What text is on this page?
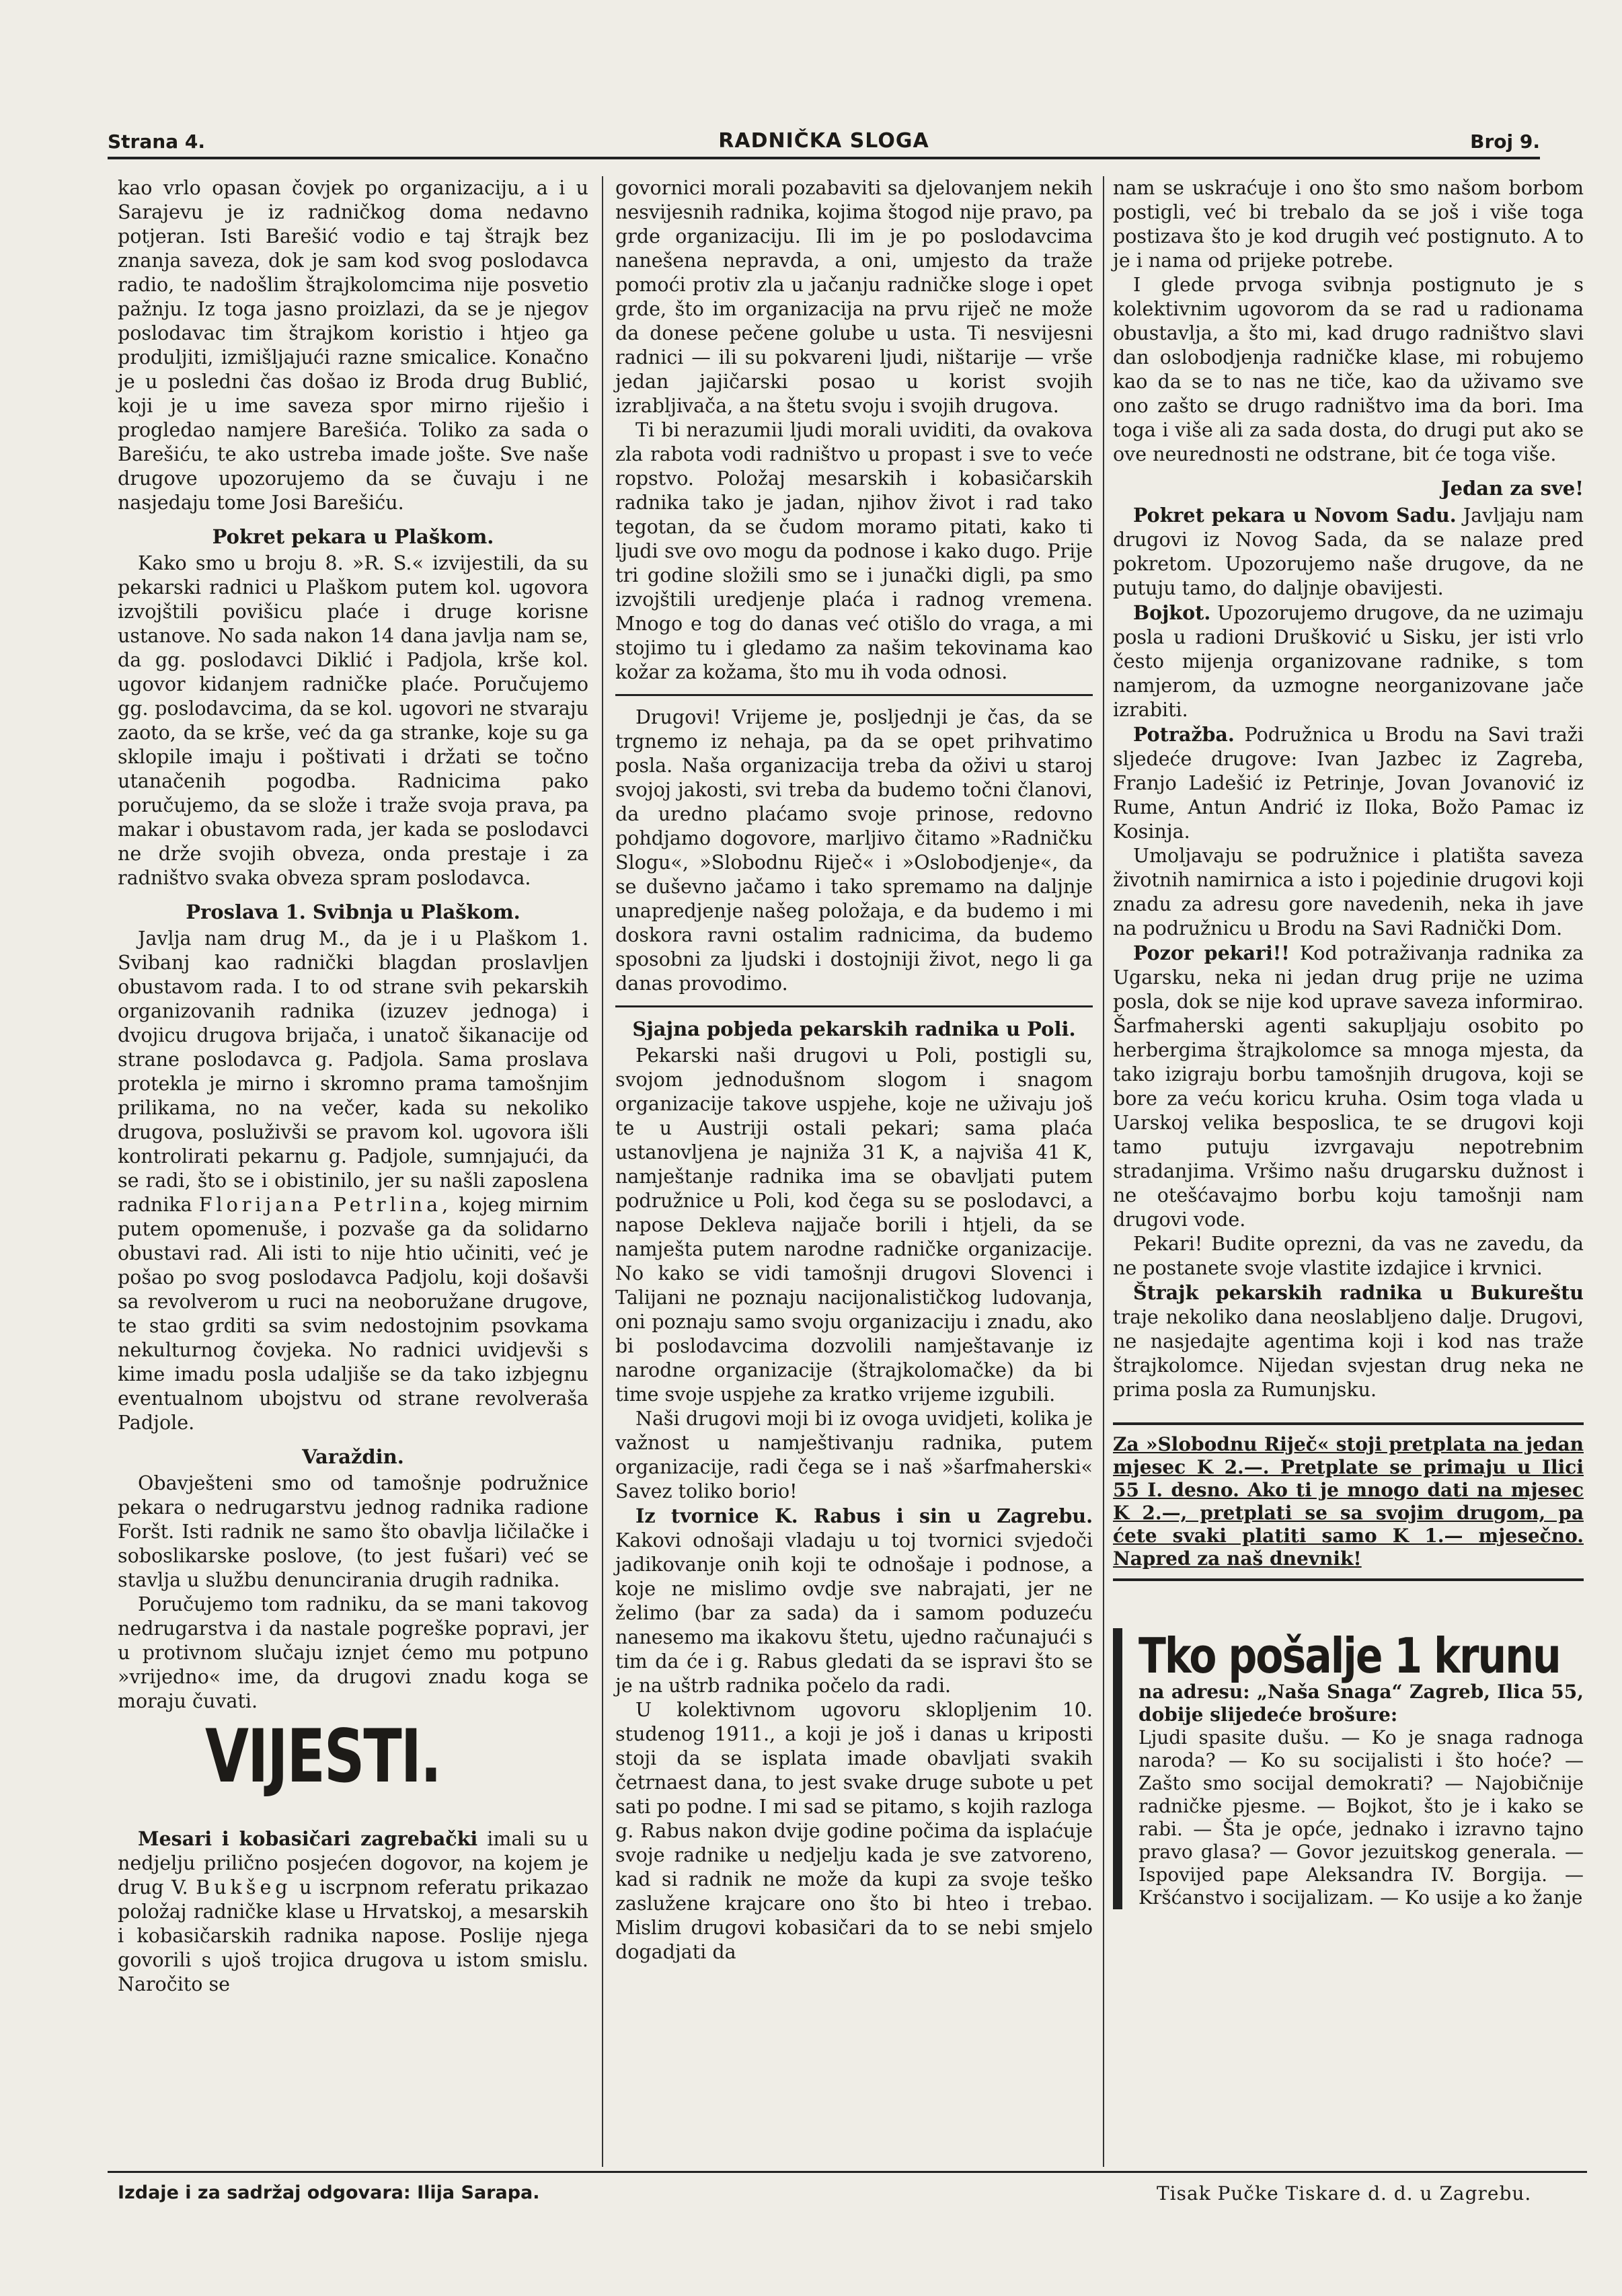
Strana 4.	RADNIČKA SLOGA	Broj 9.

kao vrlo opasan čovjek po organizaciju, a i u Sarajevu je iz radničkog doma nedavno potjeran. Isti Barešić vodio e taj štrajk bez znanja saveza, dok je sam kod svog poslodavca radio, te nadošlim štrajkolomcima nije posvetio pažnju. Iz toga jasno proizlazi, da se je njegov poslodavac tim štrajkom koristio i htjeo ga produljiti, izmišljajući razne smicalice. Konačno je u posledni čas došao iz Broda drug Bublić, koji je u ime saveza spor mirno riješio i progledao namjere Barešića. Toliko za sada o Barešiću, te ako ustreba imade jošte. Sve naše drugove upozorujemo da se čuvaju i ne nasjedaju tome Josi Barešiću.

Pokret pekara u Plaškom.

Kako smo u broju 8. »R. S.« izvijestili, da su pekarski radnici u Plaškom putem kol. ugovora izvojštili povišicu plaće i druge korisne ustanove. No sada nakon 14 dana javlja nam se, da gg. poslodavci Diklić i Padjola, krše kol. ugovor kidanjem radničke plaće. Poručujemo gg. poslodavcima, da se kol. ugovori ne stvaraju zaoto, da se krše, već da ga stranke, koje su ga sklopile imaju i poštivati i držati se točno utanačenih pogodba. Radnicima pako poručujemo, da se slože i traže svoja prava, pa makar i obustavom rada, jer kada se poslodavci ne drže svojih obveza, onda prestaje i za radništvo svaka obveza spram poslodavca.

Proslava 1. Svibnja u Plaškom.

Javlja nam drug M., da je i u Plaškom 1. Svibanj kao radnički blagdan proslavljen obustavom rada. I to od strane svih pekarskih organizovanih radnika (izuzev jednoga) i dvojicu drugova brijača, i unatoč šikanacije od strane poslodavca g. Padjola. Sama proslava protekla je mirno i skromno prama tamošnjim prilikama, no na večer, kada su nekoliko drugova, posluživši se pravom kol. ugovora išli kontrolirati pekarnu g. Padjole, sumnjajući, da se radi, što se i obistinilo, jer su našli zaposlena radnika Florijana Petrlina, kojeg mirnim putem opomenuše, i pozvaše ga da solidarno obustavi rad. Ali isti to nije htio učiniti, već je pošao po svog poslodavca Padjolu, koji došavši sa revolverom u ruci na neoboružane drugove, te stao grditi sa svim nedostojnim psovkama nekulturnog čovjeka. No radnici uvidjevši s kime imadu posla udaljiše se da tako izbjegnu eventualnom ubojstvu od strane revolveraša Padjole.

Varaždin.

Obavješteni smo od tamošnje podružnice pekara o nedrugarstvu jednog radnika radione Foršt. Isti radnik ne samo što obavlja ličilačke i soboslikarske poslove, (to jest fušari) već se stavlja u službu denuncirania drugih radnika.

Poručujemo tom radniku, da se mani takovog nedrugarstva i da nastale pogreške popravi, jer u protivnom slučaju iznjet ćemo mu potpuno »vrijedno« ime, da drugovi znadu koga se moraju čuvati.

VIJESTI.

Mesari i kobasičari zagrebački imali su u nedjelju prilično posjećen dogovor, na kojem je drug V. Bukšeg u iscrpnom referatu prikazao položaj radničke klase u Hrvatskoj, a mesarskih i kobasičarskih radnika napose. Poslije njega govorili s ujoš trojica drugova u istom smislu. Naročito se

govornici morali pozabaviti sa djelovanjem nekih nesvijesnih radnika, kojima štogod nije pravo, pa grde organizaciju. Ili im je po poslodavcima nanešena nepravda, a oni, umjesto da traže pomoći protiv zla u jačanju radničke sloge i opet grde, što im organizacija na prvu riječ ne može da donese pečene golube u usta. Ti nesvijesni radnici — ili su pokvareni ljudi, ništarije — vrše jedan jajičarski posao u korist svojih izrabljivača, a na štetu svoju i svojih drugova.

Ti bi nerazumii ljudi morali uviditi, da ovakova zla rabota vodi radništvo u propast i sve to veće ropstvo. Položaj mesarskih i kobasičarskih radnika tako je jadan, njihov život i rad tako tegotan, da se čudom moramo pitati, kako ti ljudi sve ovo mogu da podnose i kako dugo. Prije tri godine složili smo se i junački digli, pa smo izvojštili uredjenje plaća i radnog vremena. Mnogo e tog do danas već otišlo do vraga, a mi stojimo tu i gledamo za našim tekovinama kao kožar za kožama, što mu ih voda odnosi.

Drugovi! Vrijeme je, posljednji je čas, da se trgnemo iz nehaja, pa da se opet prihvatimo posla. Naša organizacija treba da oživi u starој svojoj jakosti, svi treba da budemo točni članovi, da uredno plaćamo svoje prinose, redovno pohdjamo dogovore, marljivo čitamo »Radničku Slogu«, »Slobodnu Riječ« i »Oslobodjenje«, da se duševno jačamo i tako spremamo na daljnje unapredjenje našeg položaja, e da budemo i mi doskora ravni ostalim radnicima, da budemo sposobni za ljudski i dostojniji život, nego li ga danas provodimo.

Sjajna pobjeda pekarskih radnika u Poli.

Pekarski naši drugovi u Poli, postigli su, svojom jednodušnom slogom i snagom organizacije takove uspjehe, koje ne uživaju još te u Austriji ostali pekari; sama plaća ustanovljena je najniža 31 K, a najviša 41 K, namještanje radnika ima se obavljati putem podružnice u Poli, kod čega su se poslodavci, a napose Dekleva najjače borili i htjeli, da se namješta putem narodne radničke organizacije. No kako se vidi tamošnji drugovi Slovenci i Talijani ne poznaju nacijonalističkog ludovanja, oni poznaju samo svoju organizaciju i znadu, ako bi poslodavcima dozvolili namještavanje iz narodne organizacije (štrajkolomačke) da bi time svoje uspjehe za kratko vrijeme izgubili.

Naši drugovi moji bi iz ovoga uvidjeti, kolika je važnost u namještivanju radnika, putem organizacije, radi čega se i naš »šarfmaherski« Savez toliko borio!

Iz tvornice K. Rabus i sin u Zagrebu. Kakovi odnošaji vladaju u toj tvornici svjedoči jadikovanje onih koji te odnošaje i podnose, a koje ne mislimo ovdje sve nabrajati, jer ne želimo (bar za sada) da i samom poduzeću nanesemo ma ikakovu štetu, ujedno računajući s tim da će i g. Rabus gledati da se ispravi što se je na uštrb radnika počelo da radi.

U kolektivnom ugovoru sklopljenim 10. studenog 1911., a koji je još i danas u kriposti stoji da se isplata imade obavljati svakih četrnaest dana, to jest svake druge subote u pet sati po podne. I mi sad se pitamo, s kojih razloga g. Rabus nakon dvije godine počima da isplaćuje svoje radnike u nedjelju kada je sve zatvoreno, kad si radnik ne može da kupi za svoje teško zasluženе krajcare ono što bi hteo i trebao. Mislim drugovi kobasičari da to se nebi smjelo dogadjati da

nam se uskraćuje i ono što smo našom borbom postigli, već bi trebalo da se još i više toga postizava što je kod drugih već postignuto. A to je i nama od prijeke potrebe.

I glede prvoga svibnja postignuto je s kolektivnim ugovorom da se rad u radionama obustavlja, a što mi, kad drugo radništvo slavi dan oslobodjenja radničke klase, mi robujemo kao da se to nas ne tiče, kao da uživamo sve ono zašto se drugo radništvo ima da bori. Ima toga i više ali za sada dosta, do drugi put ako se ove neurednosti ne odstrane, bit će toga više.

Jedan za sve!

Pokret pekara u Novom Sadu. Javljaju nam drugovi iz Novog Sada, da se nalaze pred pokretom. Upozorujemo naše drugove, da ne putuju tamo, do daljnje obavijesti.

Bojkot. Upozorujemo drugove, da ne uzimaju posla u radioni Drušković u Sisku, jer isti vrlo često mijenja organizovane radnike, s tom namjerom, da uzmogne neorganizovane jače izrabiti.

Potražba. Podružnica u Brodu na Savi traži sljedeće drugove: Ivan Jazbec iz Zagreba, Franjo Ladešić iz Petrinje, Jovan Jovanović iz Rume, Antun Andrić iz Iloka, Božo Pamac iz Kosinja.

Umoljavaju se podružnice i platišta saveza životnih namirnica a isto i pojedinie drugovi koji znadu za adresu gore navedenih, neka ih jave na podružnicu u Brodu na Savi Radnički Dom.

Pozor pekari!! Kod potraživanja radnika za Ugarsku, neka ni jedan drug prije ne uzima posla, dok se nije kod uprave saveza informirao. Šarfmaherski agenti sakupljaju osobito po herbergima štrajkolomce sa mnoga mjesta, da tako izigraju borbu tamošnjih drugova, koji se bore za veću koricu kruha. Osim toga vlada u Uarskoj velika besposlica, te se drugovi koji tamo putuju izvrgavaju nepotrebnim stradanjima. Vršimo našu drugarsku dužnost i ne otešćavajmo borbu koju tamošnji nam drugovi vode.

Pekari! Budite oprezni, da vas ne zavedu, da ne postanete svoje vlastite izdajice i krvnici.

Štrajk pekarskih radnika u Bukureštu traje nekoliko dana neoslabljeno dalje. Drugovi, ne nasjedajte agentima koji i kod nas traže štrajkolomce. Nijedan svjestan drug neka ne prima posla za Rumunjsku.

Za »Slobodnu Riječ« stoji pretplata na jedan mjesec K 2.—. Pretplate se primaju u Ilici 55 I. desno. Ako ti je mnogo dati na mjesec K 2.—, pretplati se sa svojim drugom, pa ćete svaki platiti samo K 1.— mjesečno. Napred za naš dnevnik!
Tko pošalje 1 krunu

na adresu: „Naša Snaga“ Zagreb, Ilica 55, dobije slijedeće brošure:

Ljudi spasite dušu. — Ko je snaga radnoga naroda? — Ko su socijalisti i što hoće? — Zašto smo socijal demokrati? — Najobičnije radničke pjesme. — Bojkot, što je i kako se rabi. — Šta je opće, jednako i izravno tajno pravo glasa? — Govor jezuitskog generala. — Ispovijed pape Aleksandra IV. Borgija. — Kršćanstvo i socijalizam. — Ko usije a ko žanje

Izdaje i za sadržaj odgovara: Ilija Sarapa.	Tisak Pučke Tiskare d. d. u Zagrebu.
